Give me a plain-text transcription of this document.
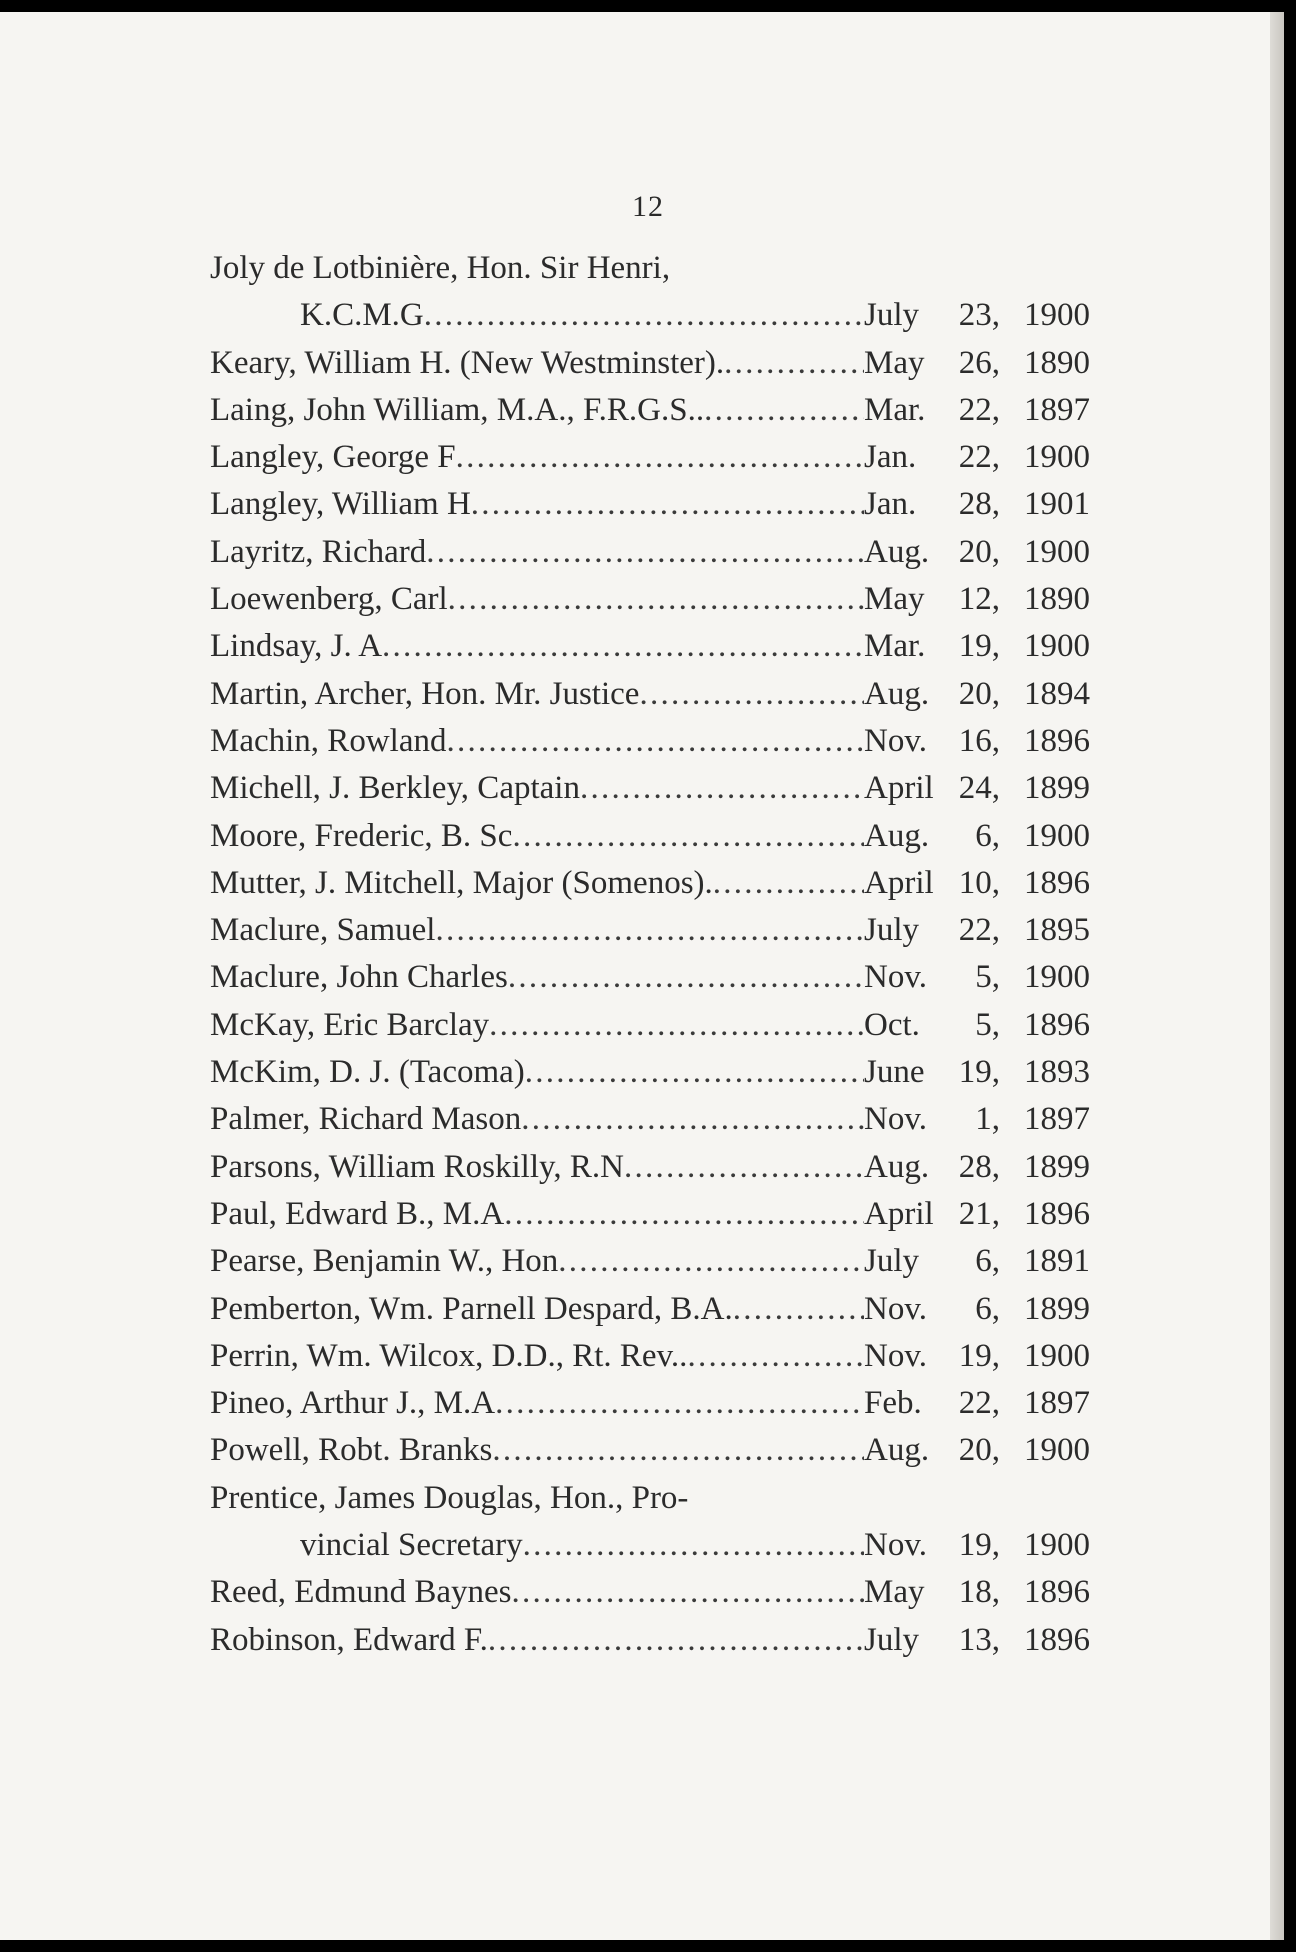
12
Joly de Lotbinière, Hon. Sir Henri,
K.C.M.G . . .	July	23, 1900
Keary, William H. (New Westminster). . . .	May	26, 1890
Laing, John William, M.A., F.R.G.S.. . . .	Mar.	22, 1897
Langley, George F . . .	Jan.	22, 1900
Langley, William H . . .	Jan.	28, 1901
Layritz, Richard . . .	Aug. 20, 1900
Loewenberg, Carl . . .	May	12, 1890
Lindsay, J. A . . .	Mar.	19, 1900
Martin, Archer, Hon. Mr. Justice . . .	Aug. 20, 1894
Machin, Rowland . . .	Nov. 16, 1896
Michell, J. Berkley, Captain . . .	April 24, 1899
Moore, Frederic, B. Sc . . .	Aug.	6, 1900
Mutter, J. Mitchell, Major (Somenos). . . .	April 10, 1896
Maclure, Samuel . . .	July	22, 1895
Maclure, John Charles . . .	Nov.	5, 1900
McKay, Eric Barclay . . .	Oct.	5, 1896
McKim, D. J. (Tacoma) . . .	June	19, 1893
Palmer, Richard Mason . . .	Nov.	1, 1897
Parsons, William Roskilly, R.N . . .	Aug. 28, 1899
Paul, Edward B., M.A . . .	April 21, 1896
Pearse, Benjamin W., Hon . . .	July	6, 1891
Pemberton, Wm. Parnell Despard, B.A. . . .	Nov.	6, 1899
Perrin, Wm. Wilcox, D.D., Rt. Rev.. . . .	Nov. 19, 1900
Pineo, Arthur J., M.A . . .	Feb.	22, 1897
Powell, Robt. Branks . . .	Aug. 20, 1900
Prentice, James Douglas, Hon., Pro-
vincial Secretary . . .	Nov. 19, 1900
Reed, Edmund Baynes . . .	May	18, 1896
Robinson, Edward F. . . .	July	13, 1896
